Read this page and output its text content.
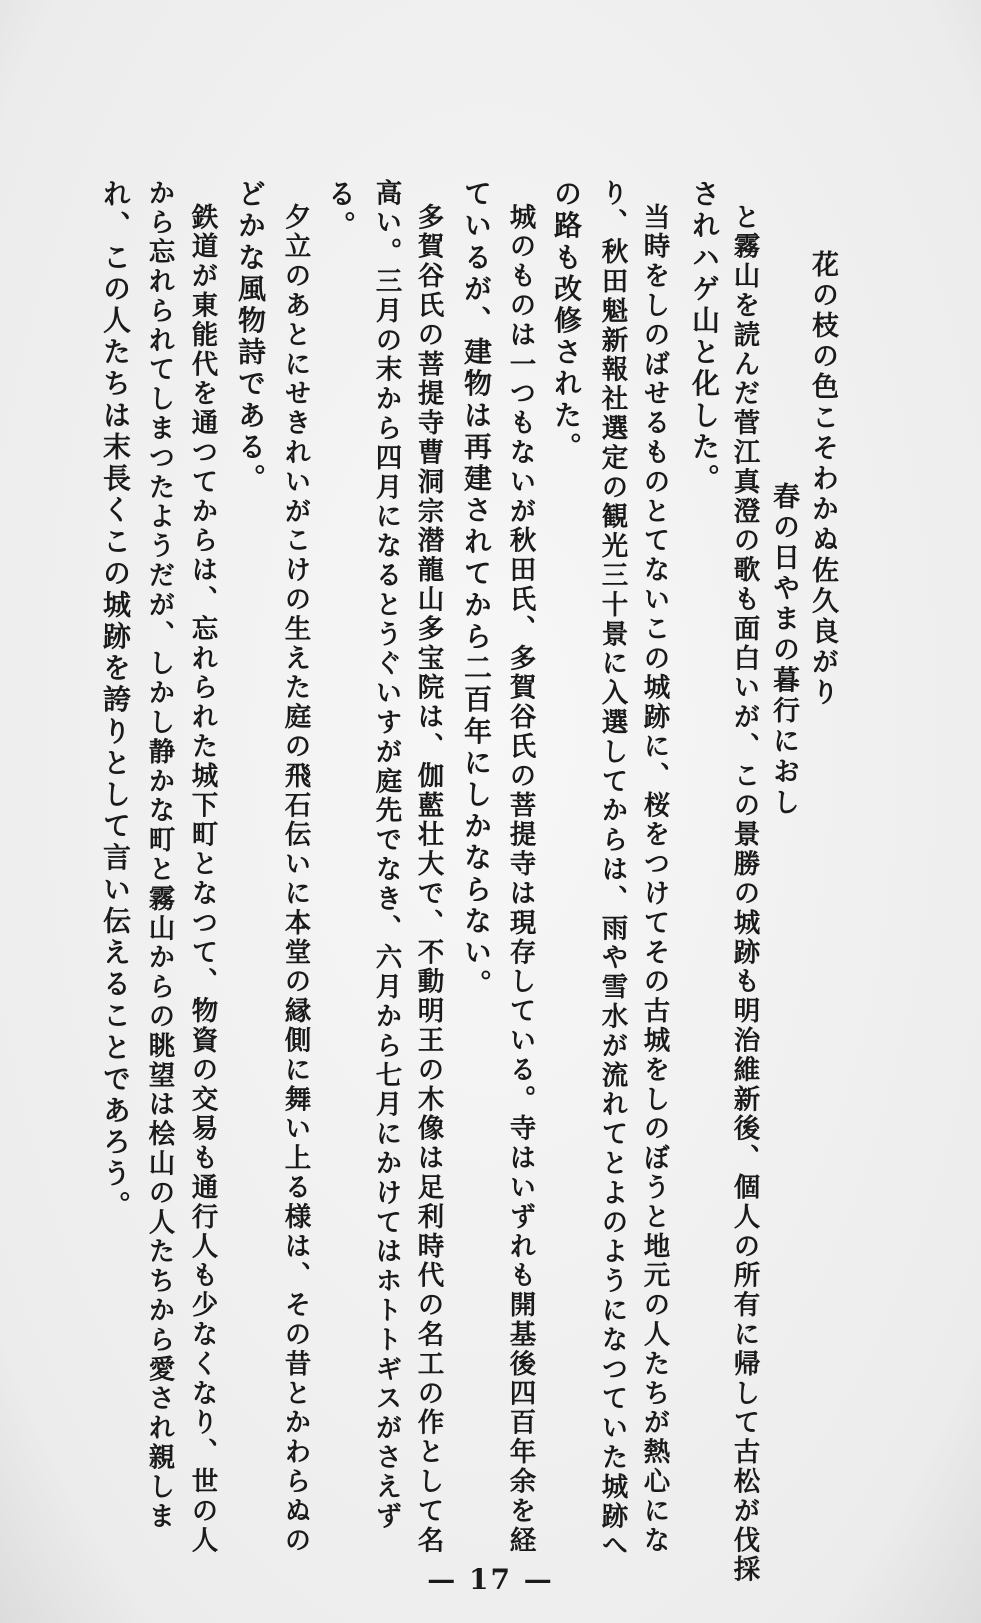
花の枝の色こそわかぬ佐久良がり
春の日やまの暮行におし
と霧山を読んだ菅江真澄の歌も面白いが、この景勝の城跡も明治維新後、個人の所有に帰して古松が伐採
されハゲ山と化した。
当時をしのばせるものとてないこの城跡に、桜をつけてその古城をしのぼうと地元の人たちが熱心にな
り、秋田魁新報社選定の観光三十景に入選してからは、雨や雪水が流れてとよのようになつていた城跡へ
の路も改修された。
城のものは一つもないが秋田氏、多賀谷氏の菩提寺は現存している。寺はいずれも開基後四百年余を経
ているが、建物は再建されてから二百年にしかならない。
多賀谷氏の菩提寺曹洞宗潜龍山多宝院は、伽藍壮大で、不動明王の木像は足利時代の名工の作として名
高い。三月の末から四月になるとうぐいすが庭先でなき、六月から七月にかけてはホトトギスがさえず
る。
夕立のあとにせきれいがこけの生えた庭の飛石伝いに本堂の縁側に舞い上る様は、その昔とかわらぬの
どかな風物詩である。
鉄道が東能代を通つてからは、忘れられた城下町となつて、物資の交易も通行人も少なくなり、世の人
から忘れられてしまつたようだが、しかし静かな町と霧山からの眺望は桧山の人たちから愛され親しま
れ、この人たちは末長くこの城跡を誇りとして言い伝えることであろう。
— 17 —
